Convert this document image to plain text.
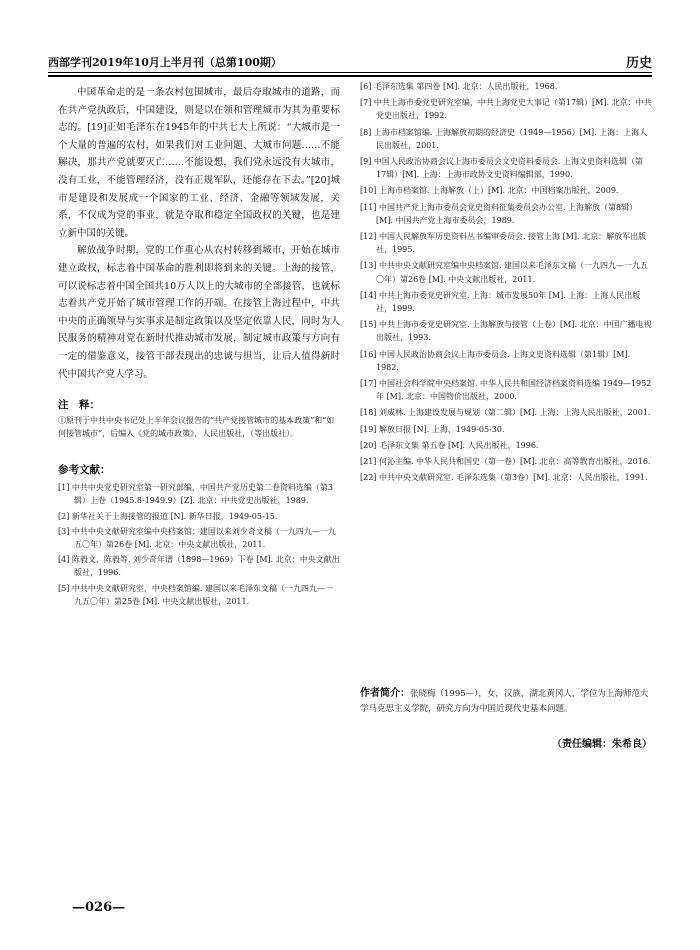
西部学刊2019年10月上半月刊（总第100期）	历史

中国革命走的是一条农村包围城市，最后夺取城市的道路，而在共产党执政后，中国建设，则是以在领和管理城市为其为重要标志的。[19]正如毛泽东在1945年的中共七大上所说：“大城市是一个大量的普遍的农村，如果我们对工业问题、大城市问题……不能解决，那共产党就要灭亡……不能设想，我们党永远没有大城市，没有工业，不能管理经济，没有正规军队，还能存在下去。”[20]城市是建设和发展成一个国家的工业、经济、金融等领域发展，关系，不仅成为党的事业，就是夺取和稳定全国政权的关键，也是建立新中国的关键。

解放战争时期，党的工作重心从农村转移到城市，开始在城市建立政权，标志着中国革命的胜利即将到来的关键。上海的接管，可以说标志着中国全国共10万人以上的大城市的全部接管，也就标志着共产党开始了城市管理工作的开端。在接管上海过程中，中共中央的正确领导与实事求是制定政策以及坚定依靠人民，同时为人民服务的精神对党在新时代推动城市发展，制定城市政策与方向有一定的借鉴意义，接管干部表现出的忠诚与担当，让后人值得新时代中国共产党人学习。

注　释：

①原刊于中共中央书记处上半年会议报告的“共产党接管城市的基本政策”和“如何接管城市”，后编入《党的城市政策》，人民出版社，（等出版社）。

参考文献：

[1] 中共中央党史研究室第一研究部编，中国共产党历史第二卷资料选编（第3辑）上卷（1945.8-1949.9）[Z]. 北京：中共党史出版社，1989.

[2] 新华社关于上海接管的报道 [N]. 新华日报，1949-05-15.

[3] 中共中央文献研究室编中央档案馆：建国以来刘少奇文稿（一九四九—一九五〇年）第26卷 [M]. 北京：中央文献出版社，2011.

[4] 陈毅文、陈毅等. 刘少奇年谱（1898—1969）下卷 [M]. 北京：中央文献出版社，1996.

[5] 中共中央文献研究室，中央档案馆编. 建国以来毛泽东文稿（一九四九—一九五〇年）第25卷 [M]. 中央文献出版社，2011.

[6] 毛泽东选集 第四卷 [M]. 北京：人民出版社，1968.

[7] 中共上海市委党史研究室编，中共上海党史大事记（第17辑）[M]. 北京：中共党史出版社，1992.

[8] 上海市档案馆编. 上海解放初期的经济史（1949—1956）[M]. 上海：上海人民出版社，2001.

[9] 中国人民政治协商会议上海市委员会文史资料委员会. 上海文史资料选辑（第17辑）[M]. 上海：上海市政协文史资料编辑部，1990.

[10] 上海市档案馆. 上海解放（上）[M]. 北京：中国档案出版社，2009.

[11] 中国共产党上海市委员会党史资料征集委员会办公室. 上海解放（第8辑）[M]. 中国共产党上海市委员会，1989.

[12] 中国人民解放军历史资料丛书编审委员会. 接管上海 [M]. 北京：解放军出版社，1995.

[13] 中共中央文献研究室编中央档案馆. 建国以来毛泽东文稿（一九四九—一九五〇年）第26卷 [M]. 中央文献出版社，2011.

[14] 中共上海市委党史研究室. 上海：城市发展50年 [M]. 上海：上海人民出版社，1999.

[15] 中共上海市委党史研究室. 上海解放与接管（上卷）[M]. 北京：中国广播电视出版社，1993.

[16] 中国人民政治协商会议上海市委员会. 上海文史资料选辑（第1辑）[M]. 1982.

[17] 中国社会科学院中央档案馆. 中华人民共和国经济档案资料选编 1949—1952年 [M]. 北京：中国物价出版社，2000.

[18] 刘成林. 上海建设发展与规划（第二辑）[M]. 上海：上海人民出版社，2001.

[19] 解放日报 [N]. 上海，1949-05-30.

[20] 毛泽东文集 第五卷 [M]. 人民出版社，1996.

[21] 何沁主编. 中华人民共和国史（第一卷）[M]. 北京：高等教育出版社，2016.

[22] 中共中央文献研究室. 毛泽东选集（第3卷）[M]. 北京：人民出版社，1991.

作者简介：张晓梅（1995—），女，汉族，湖北黄冈人，学位为上海师范大学马克思主义学院，研究方向为中国近现代史基本问题。
（责任编辑：朱希良）
—026—
